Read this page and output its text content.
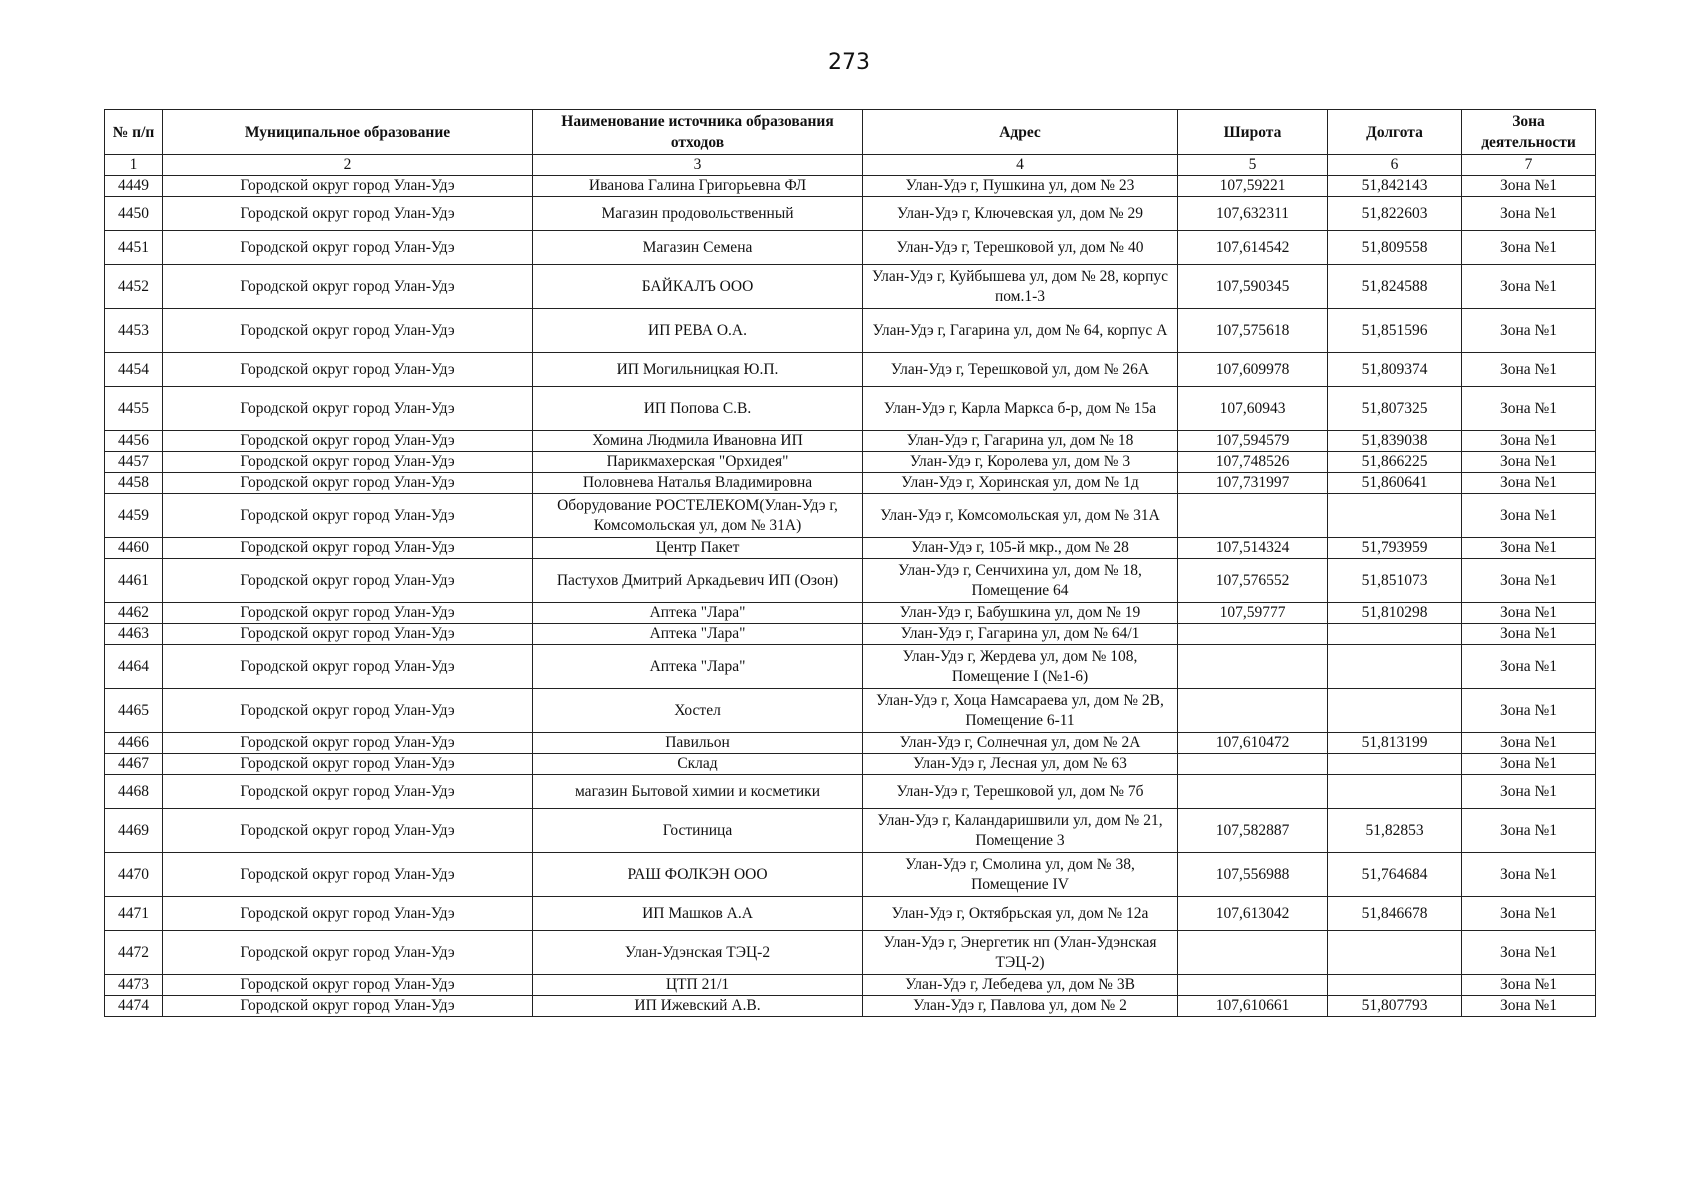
273
№ п/п	Муниципальное образование	Наименование источника образования отходов	Адрес	Широта	Долгота	Зона деятельности
1	2	3	4	5	6	7
4449	Городской округ город Улан-Удэ	Иванова Галина Григорьевна ФЛ	Улан-Удэ г, Пушкина ул, дом № 23	107,59221	51,842143	Зона №1
4450	Городской округ город Улан-Удэ	Магазин продовольственный	Улан-Удэ г, Ключевская ул, дом № 29	107,632311	51,822603	Зона №1
4451	Городской округ город Улан-Удэ	Магазин Семена	Улан-Удэ г, Терешковой ул, дом № 40	107,614542	51,809558	Зона №1
4452	Городской округ город Улан-Удэ	БАЙКАЛЪ ООО	Улан-Удэ г, Куйбышева ул, дом № 28, корпус пом.1-3	107,590345	51,824588	Зона №1
4453	Городской округ город Улан-Удэ	ИП РЕВА О.А.	Улан-Удэ г, Гагарина ул, дом № 64, корпус А	107,575618	51,851596	Зона №1
4454	Городской округ город Улан-Удэ	ИП Могильницкая Ю.П.	Улан-Удэ г, Терешковой ул, дом № 26А	107,609978	51,809374	Зона №1
4455	Городской округ город Улан-Удэ	ИП Попова С.В.	Улан-Удэ г, Карла Маркса б-р, дом № 15а	107,60943	51,807325	Зона №1
4456	Городской округ город Улан-Удэ	Хомина Людмила Ивановна ИП	Улан-Удэ г, Гагарина ул, дом № 18	107,594579	51,839038	Зона №1
4457	Городской округ город Улан-Удэ	Парикмахерская "Орхидея"	Улан-Удэ г, Королева ул, дом № 3	107,748526	51,866225	Зона №1
4458	Городской округ город Улан-Удэ	Половнева Наталья Владимировна	Улан-Удэ г, Хоринская ул, дом № 1д	107,731997	51,860641	Зона №1
4459	Городской округ город Улан-Удэ	Оборудование РОСТЕЛЕКОМ(Улан-Удэ г, Комсомольская ул, дом № 31А)	Улан-Удэ г, Комсомольская ул, дом № 31А			Зона №1
4460	Городской округ город Улан-Удэ	Центр Пакет	Улан-Удэ г, 105-й мкр., дом № 28	107,514324	51,793959	Зона №1
4461	Городской округ город Улан-Удэ	Пастухов Дмитрий Аркадьевич ИП (Озон)	Улан-Удэ г, Сенчихина ул, дом № 18, Помещение 64	107,576552	51,851073	Зона №1
4462	Городской округ город Улан-Удэ	Аптека "Лара"	Улан-Удэ г, Бабушкина ул, дом № 19	107,59777	51,810298	Зона №1
4463	Городской округ город Улан-Удэ	Аптека "Лара"	Улан-Удэ г, Гагарина ул, дом № 64/1			Зона №1
4464	Городской округ город Улан-Удэ	Аптека "Лара"	Улан-Удэ г, Жердева ул, дом № 108, Помещение I (№1-6)			Зона №1
4465	Городской округ город Улан-Удэ	Хостел	Улан-Удэ г, Хоца Намсараева ул, дом № 2В, Помещение 6-11			Зона №1
4466	Городской округ город Улан-Удэ	Павильон	Улан-Удэ г, Солнечная ул, дом № 2А	107,610472	51,813199	Зона №1
4467	Городской округ город Улан-Удэ	Склад	Улан-Удэ г, Лесная ул, дом № 63			Зона №1
4468	Городской округ город Улан-Удэ	магазин Бытовой химии и косметики	Улан-Удэ г, Терешковой ул, дом № 7б			Зона №1
4469	Городской округ город Улан-Удэ	Гостиница	Улан-Удэ г, Каландаришвили ул, дом № 21, Помещение 3	107,582887	51,82853	Зона №1
4470	Городской округ город Улан-Удэ	РАШ ФОЛКЭН ООО	Улан-Удэ г, Смолина ул, дом № 38, Помещение IV	107,556988	51,764684	Зона №1
4471	Городской округ город Улан-Удэ	ИП Машков А.А	Улан-Удэ г, Октябрьская ул, дом № 12а	107,613042	51,846678	Зона №1
4472	Городской округ город Улан-Удэ	Улан-Удэнская ТЭЦ-2	Улан-Удэ г, Энергетик нп (Улан-Удэнская ТЭЦ-2)			Зона №1
4473	Городской округ город Улан-Удэ	ЦТП 21/1	Улан-Удэ г, Лебедева ул, дом № 3В			Зона №1
4474	Городской округ город Улан-Удэ	ИП Ижевский А.В.	Улан-Удэ г, Павлова ул, дом № 2	107,610661	51,807793	Зона №1
